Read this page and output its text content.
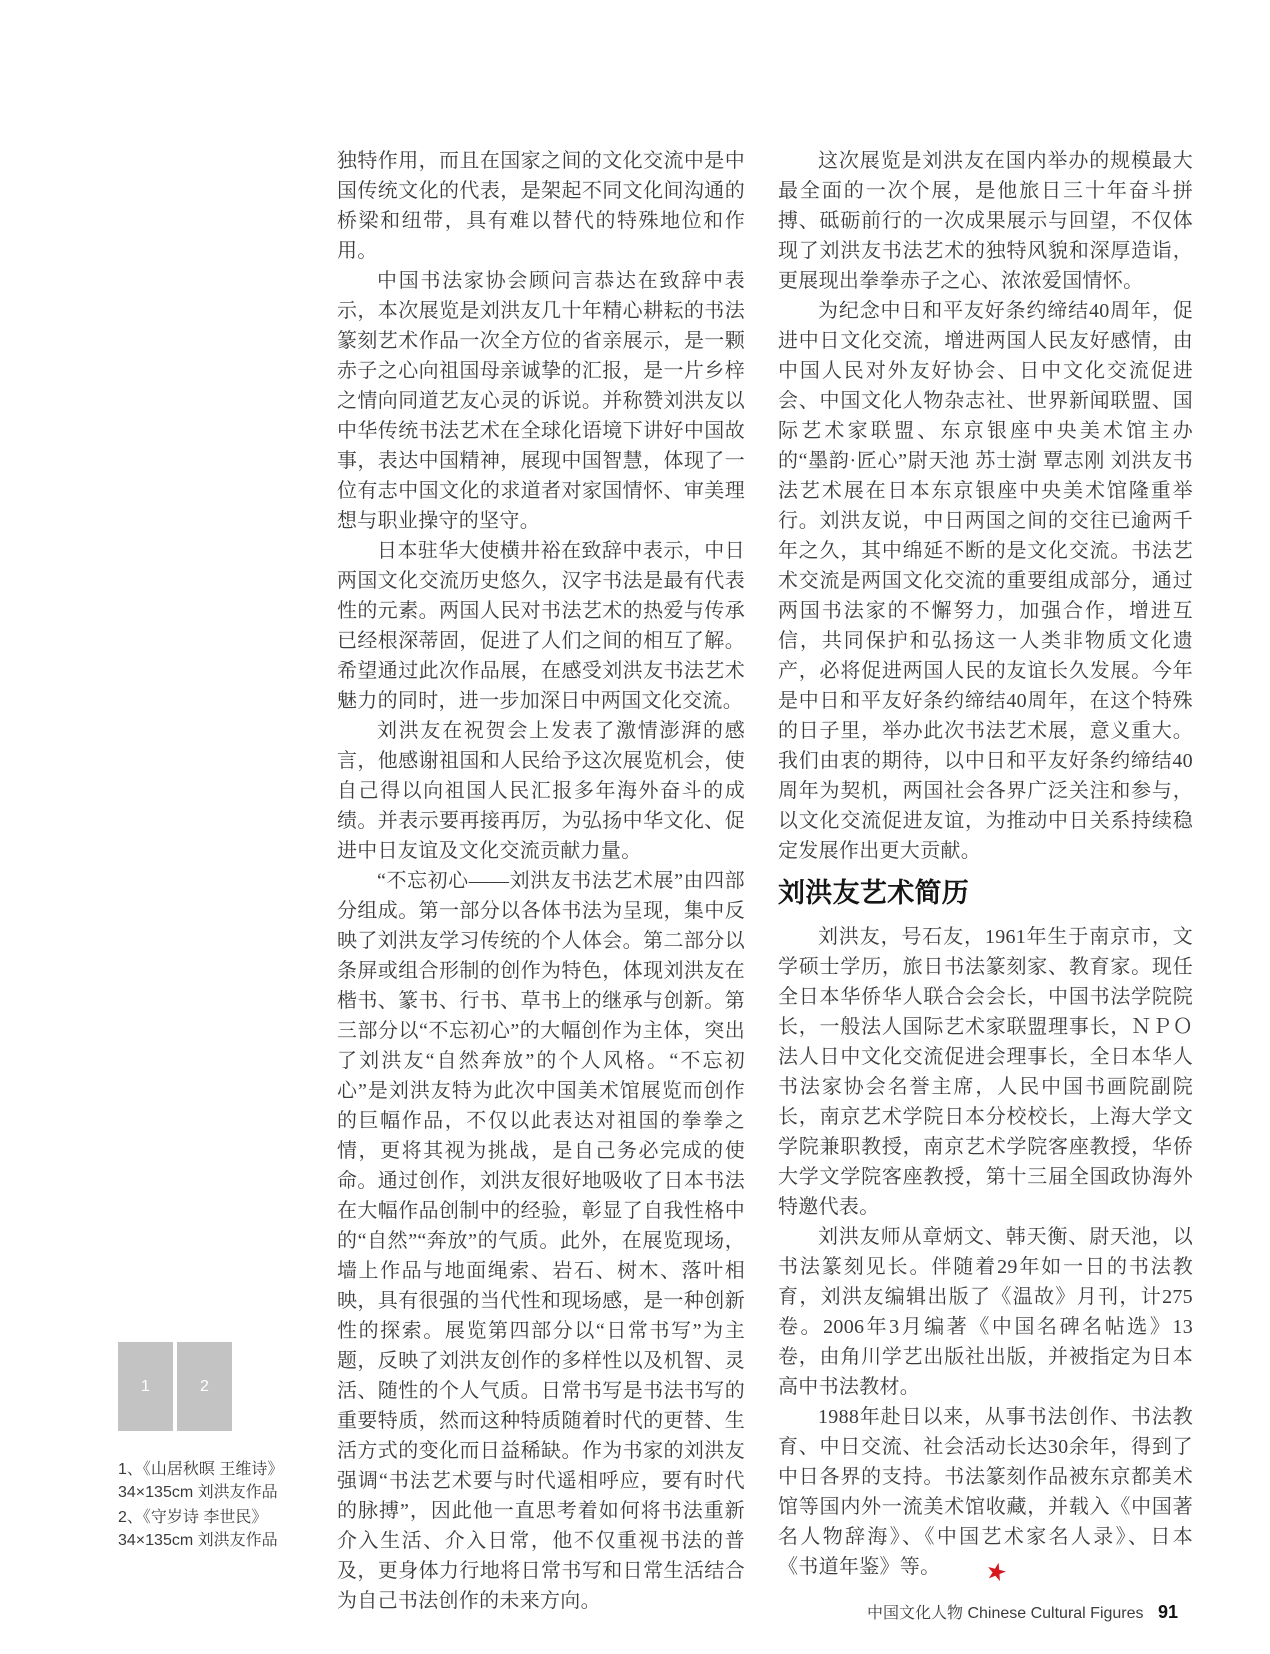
独特作用，而且在国家之间的文化交流中是中国传统文化的代表，是架起不同文化间沟通的桥梁和纽带，具有难以替代的特殊地位和作用。

中国书法家协会顾问言恭达在致辞中表示，本次展览是刘洪友几十年精心耕耘的书法篆刻艺术作品一次全方位的省亲展示，是一颗赤子之心向祖国母亲诚挚的汇报，是一片乡梓之情向同道艺友心灵的诉说。并称赞刘洪友以中华传统书法艺术在全球化语境下讲好中国故事，表达中国精神，展现中国智慧，体现了一位有志中国文化的求道者对家国情怀、审美理想与职业操守的坚守。

日本驻华大使横井裕在致辞中表示，中日两国文化交流历史悠久，汉字书法是最有代表性的元素。两国人民对书法艺术的热爱与传承已经根深蒂固，促进了人们之间的相互了解。希望通过此次作品展，在感受刘洪友书法艺术魅力的同时，进一步加深日中两国文化交流。

刘洪友在祝贺会上发表了激情澎湃的感言，他感谢祖国和人民给予这次展览机会，使自己得以向祖国人民汇报多年海外奋斗的成绩。并表示要再接再厉，为弘扬中华文化、促进中日友谊及文化交流贡献力量。

“不忘初心——刘洪友书法艺术展”由四部分组成。第一部分以各体书法为呈现，集中反映了刘洪友学习传统的个人体会。第二部分以条屏或组合形制的创作为特色，体现刘洪友在楷书、篆书、行书、草书上的继承与创新。第三部分以“不忘初心”的大幅创作为主体，突出了刘洪友“自然奔放”的个人风格。“不忘初心”是刘洪友特为此次中国美术馆展览而创作的巨幅作品，不仅以此表达对祖国的拳拳之情，更将其视为挑战，是自己务必完成的使命。通过创作，刘洪友很好地吸收了日本书法在大幅作品创制中的经验，彰显了自我性格中的“自然”“奔放”的气质。此外，在展览现场，墙上作品与地面绳索、岩石、树木、落叶相映，具有很强的当代性和现场感，是一种创新性的探索。展览第四部分以“日常书写”为主题，反映了刘洪友创作的多样性以及机智、灵活、随性的个人气质。日常书写是书法书写的重要特质，然而这种特质随着时代的更替、生活方式的变化而日益稀缺。作为书家的刘洪友强调“书法艺术要与时代遥相呼应，要有时代的脉搏”，因此他一直思考着如何将书法重新介入生活、介入日常，他不仅重视书法的普及，更身体力行地将日常书写和日常生活结合为自己书法创作的未来方向。

这次展览是刘洪友在国内举办的规模最大最全面的一次个展，是他旅日三十年奋斗拼搏、砥砺前行的一次成果展示与回望，不仅体现了刘洪友书法艺术的独特风貌和深厚造诣，更展现出拳拳赤子之心、浓浓爱国情怀。

为纪念中日和平友好条约缔结40周年，促进中日文化交流，增进两国人民友好感情，由中国人民对外友好协会、日中文化交流促进会、中国文化人物杂志社、世界新闻联盟、国际艺术家联盟、东京银座中央美术馆主办的“墨韵·匠心”尉天池 苏士澍 覃志刚 刘洪友书法艺术展在日本东京银座中央美术馆隆重举行。刘洪友说，中日两国之间的交往已逾两千年之久，其中绵延不断的是文化交流。书法艺术交流是两国文化交流的重要组成部分，通过两国书法家的不懈努力，加强合作，增进互信，共同保护和弘扬这一人类非物质文化遗产，必将促进两国人民的友谊长久发展。今年是中日和平友好条约缔结40周年，在这个特殊的日子里，举办此次书法艺术展，意义重大。我们由衷的期待，以中日和平友好条约缔结40周年为契机，两国社会各界广泛关注和参与，以文化交流促进友谊，为推动中日关系持续稳定发展作出更大贡献。

刘洪友艺术简历

刘洪友，号石友，1961年生于南京市，文学硕士学历，旅日书法篆刻家、教育家。现任全日本华侨华人联合会会长，中国书法学院院长，一般法人国际艺术家联盟理事长，ＮＰＯ法人日中文化交流促进会理事长，全日本华人书法家协会名誉主席，人民中国书画院副院长，南京艺术学院日本分校校长，上海大学文学院兼职教授，南京艺术学院客座教授，华侨大学文学院客座教授，第十三届全国政协海外特邀代表。

刘洪友师从章炳文、韩天衡、尉天池，以书法篆刻见长。伴随着29年如一日的书法教育，刘洪友编辑出版了《温故》月刊，计275卷。2006年3月编著《中国名碑名帖选》13卷，由角川学艺出版社出版，并被指定为日本高中书法教材。

1988年赴日以来，从事书法创作、书法教育、中日交流、社会活动长达30余年，得到了中日各界的支持。书法篆刻作品被东京都美术馆等国内外一流美术馆收藏，并载入《中国著名人物辞海》、《中国艺术家名人录》、日本《书道年鉴》等。 ★

1	2
1、《山居秋暝 王维诗》
34×135cm 刘洪友作品
2、《守岁诗 李世民》
34×135cm 刘洪友作品
中国文化人物 Chinese Cultural Figures 91
